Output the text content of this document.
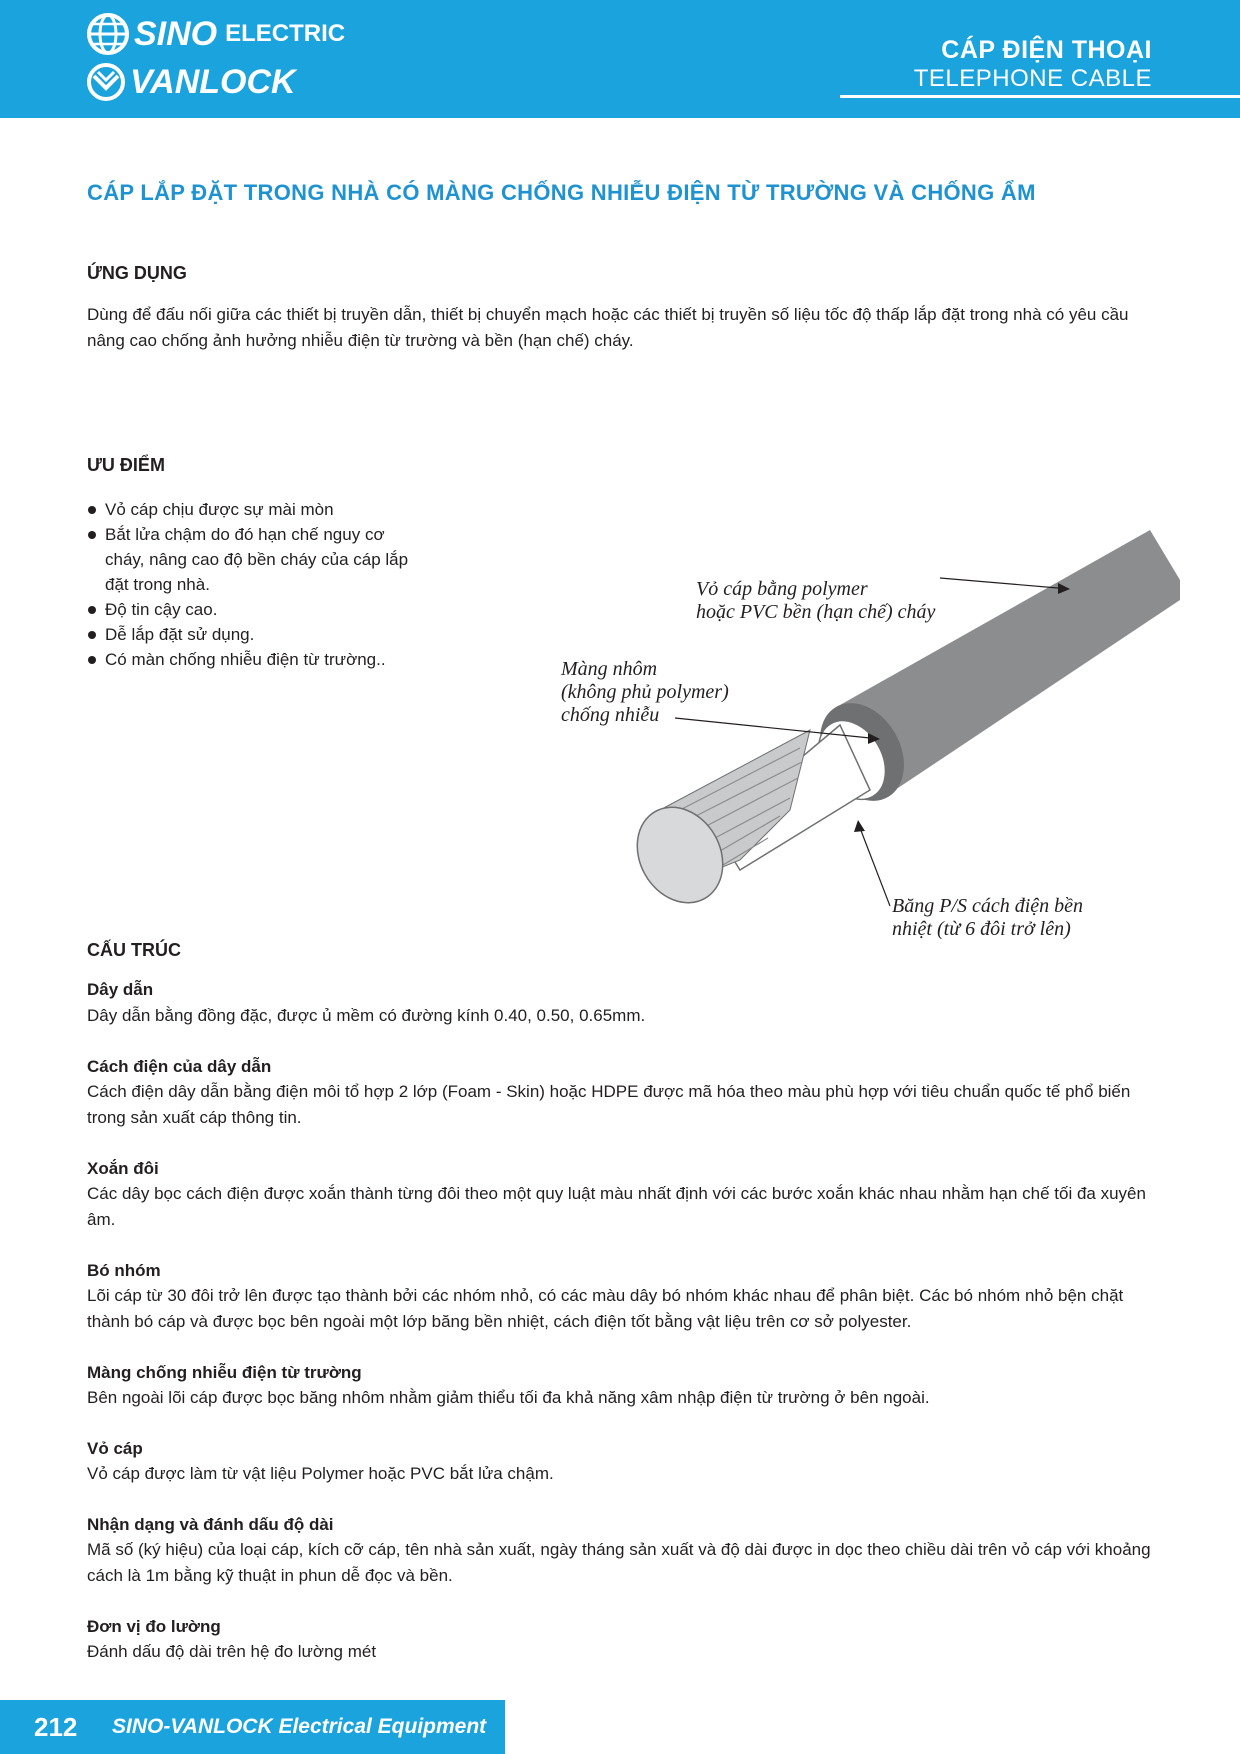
SINO ELECTRIC
VANLOCK
CÁP ĐIỆN THOẠI
TELEPHONE CABLE
CÁP LẮP ĐẶT TRONG NHÀ CÓ MÀNG CHỐNG NHIỄU ĐIỆN TỪ TRƯỜNG VÀ CHỐNG ẨM
ỨNG DỤNG
Dùng để đấu nối giữa các thiết bị truyền dẫn, thiết bị chuyển mạch hoặc các thiết bị truyền số liệu tốc độ thấp lắp đặt trong nhà có yêu cầu nâng cao chống ảnh hưởng nhiễu điện từ trường và bền (hạn chế) cháy.
ƯU ĐIỂM
Vỏ cáp chịu được sự mài mòn
Bắt lửa chậm do đó hạn chế nguy cơ cháy, nâng cao độ bền cháy của cáp lắp đặt trong nhà.
Độ tin cậy cao.
Dễ lắp đặt sử dụng.
Có màn chống nhiễu điện từ trường..
Vỏ cáp bằng polymer
hoặc PVC bền (hạn chế) cháy
Màng nhôm
(không phủ polymer)
chống nhiễu
Băng P/S cách điện bền
nhiệt (từ 6 đôi trở lên)
CẤU TRÚC
Dây dẫn
Dây dẫn bằng đồng đặc, được ủ mềm có đường kính 0.40, 0.50, 0.65mm.
Cách điện của dây dẫn
Cách điện dây dẫn bằng điện môi tổ hợp 2 lớp (Foam - Skin) hoặc HDPE được mã hóa theo màu phù hợp với tiêu chuẩn quốc tế phổ biến trong sản xuất cáp thông tin.
Xoắn đôi
Các dây bọc cách điện được xoắn thành từng đôi theo một quy luật màu nhất định với các bước xoắn khác nhau nhằm hạn chế tối đa xuyên âm.
Bó nhóm
Lõi cáp từ 30 đôi trở lên được tạo thành bởi các nhóm nhỏ, có các màu dây bó nhóm khác nhau để phân biệt. Các bó nhóm nhỏ bện chặt thành bó cáp và được bọc bên ngoài một lớp băng bền nhiệt, cách điện tốt bằng vật liệu trên cơ sở polyester.
Màng chống nhiễu điện từ trường
Bên ngoài lõi cáp được bọc băng nhôm nhằm giảm thiểu tối đa khả năng xâm nhập điện từ trường ở bên ngoài.
Vỏ cáp
Vỏ cáp được làm từ vật liệu Polymer hoặc PVC bắt lửa chậm.
Nhận dạng và đánh dấu độ dài
Mã số (ký hiệu) của loại cáp, kích cỡ cáp, tên nhà sản xuất, ngày tháng sản xuất và độ dài được in dọc theo chiều dài trên vỏ cáp với khoảng cách là 1m bằng kỹ thuật in phun dễ đọc và bền.
Đơn vị đo lường
Đánh dấu độ dài trên hệ đo lường mét
212 SINO-VANLOCK Electrical Equipment
